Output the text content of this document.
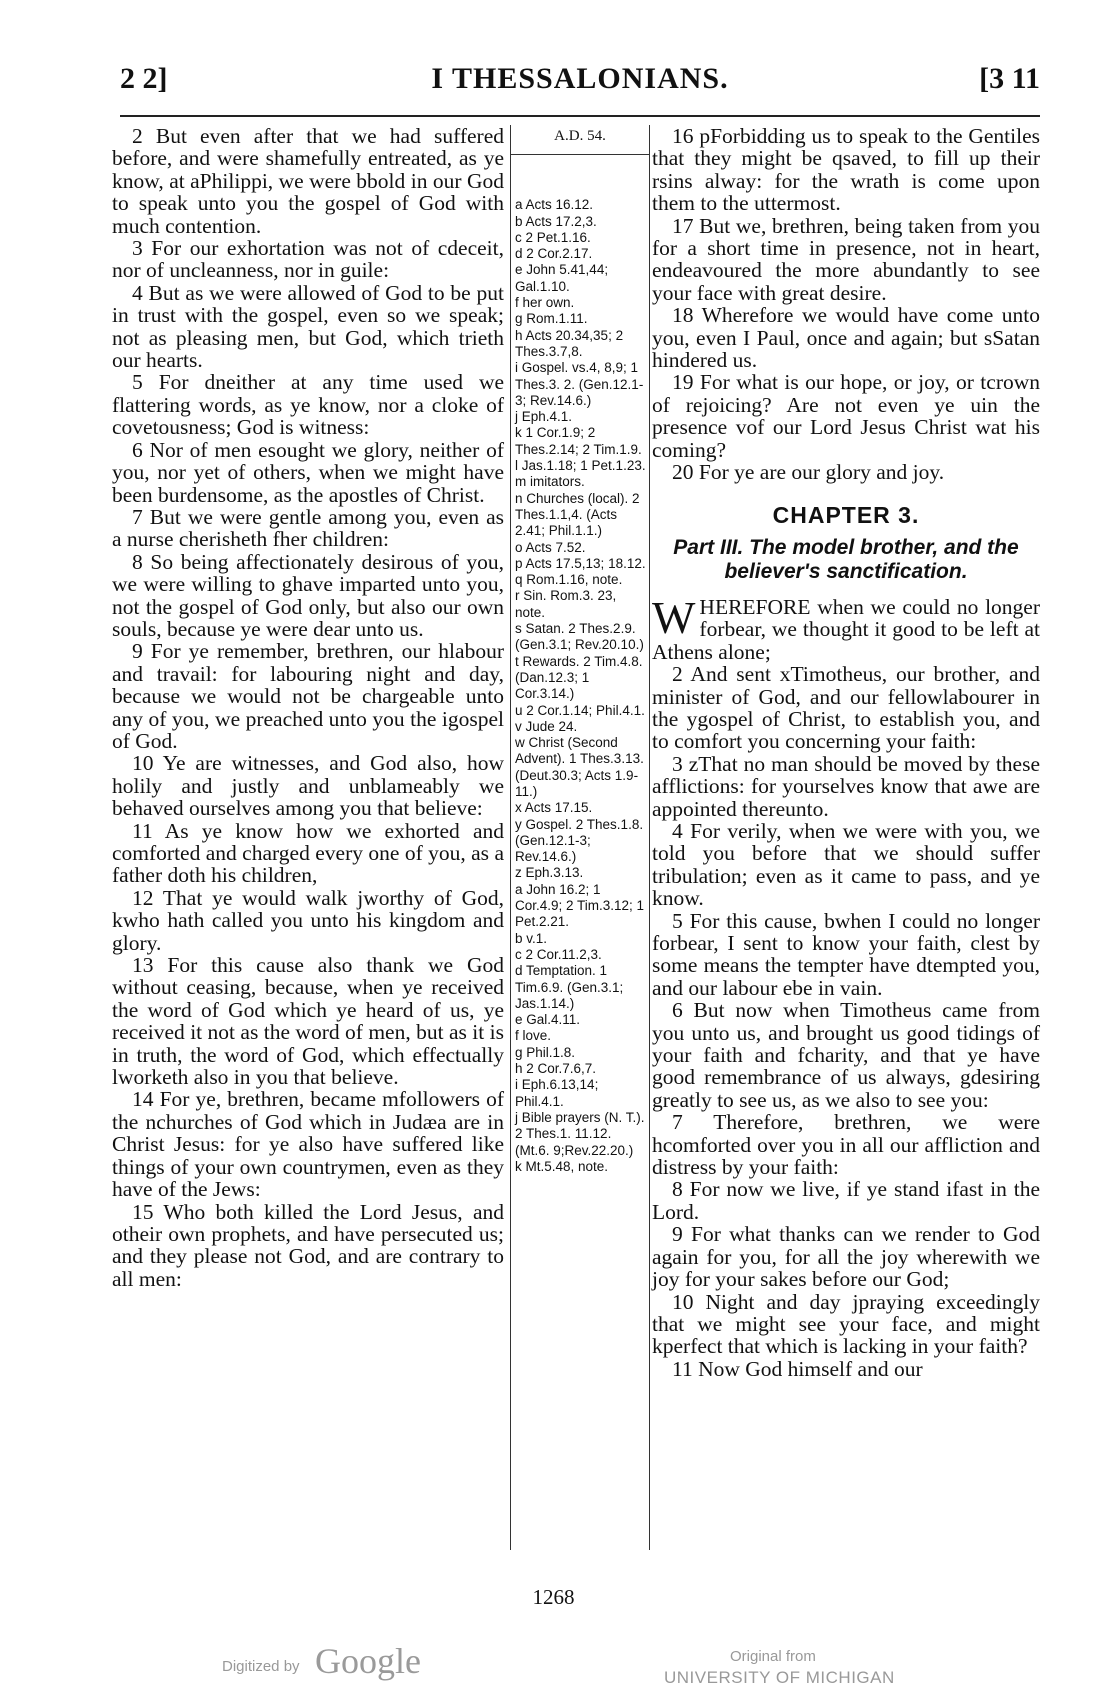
2 2]	I THESSALONIANS.	[3 11

2 But even after that we had suffered before, and were shamefully entreated, as ye know, at aPhilippi, we were bbold in our God to speak unto you the gospel of God with much contention.

3 For our exhortation was not of cdeceit, nor of uncleanness, nor in guile:

4 But as we were allowed of God to be put in trust with the gospel, even so we speak; not as pleasing men, but God, which trieth our hearts.

5 For dneither at any time used we flattering words, as ye know, nor a cloke of covetousness; God is witness:

6 Nor of men esought we glory, neither of you, nor yet of others, when we might have been burdensome, as the apostles of Christ.

7 But we were gentle among you, even as a nurse cherisheth fher children:

8 So being affectionately desirous of you, we were willing to ghave imparted unto you, not the gospel of God only, but also our own souls, because ye were dear unto us.

9 For ye remember, brethren, our hlabour and travail: for labouring night and day, because we would not be chargeable unto any of you, we preached unto you the igospel of God.

10 Ye are witnesses, and God also, how holily and justly and unblameably we behaved ourselves among you that believe:

11 As ye know how we exhorted and comforted and charged every one of you, as a father doth his children,

12 That ye would walk jworthy of God, kwho hath called you unto his kingdom and glory.

13 For this cause also thank we God without ceasing, because, when ye received the word of God which ye heard of us, ye received it not as the word of men, but as it is in truth, the word of God, which effectually lworketh also in you that believe.

14 For ye, brethren, became mfollowers of the nchurches of God which in Judæa are in Christ Jesus: for ye also have suffered like things of your own countrymen, even as they have of the Jews:

15 Who both killed the Lord Jesus, and otheir own prophets, and have persecuted us; and they please not God, and are contrary to all men:

A.D. 54.

a Acts 16.12.

b Acts 17.2,3.

c 2 Pet.1.16.

d 2 Cor.2.17.

e John 5.41,44; Gal.1.10.

f her own.

g Rom.1.11.

h Acts 20.34,35; 2 Thes.3.7,8.

i Gospel. vs.4, 8,9; 1 Thes.3. 2. (Gen.12.1-3; Rev.14.6.)

j Eph.4.1.

k 1 Cor.1.9; 2 Thes.2.14; 2 Tim.1.9.

l Jas.1.18; 1 Pet.1.23.

m imitators.

n Churches (local). 2 Thes.1.1,4. (Acts 2.41; Phil.1.1.)

o Acts 7.52.

p Acts 17.5,13; 18.12.

q Rom.1.16, note.

r Sin. Rom.3. 23, note.

s Satan. 2 Thes.2.9. (Gen.3.1; Rev.20.10.)

t Rewards. 2 Tim.4.8. (Dan.12.3; 1 Cor.3.14.)

u 2 Cor.1.14; Phil.4.1.

v Jude 24.

w Christ (Second Advent). 1 Thes.3.13. (Deut.30.3; Acts 1.9-11.)

x Acts 17.15.

y Gospel. 2 Thes.1.8. (Gen.12.1-3; Rev.14.6.)

z Eph.3.13.

a John 16.2; 1 Cor.4.9; 2 Tim.3.12; 1 Pet.2.21.

b v.1.

c 2 Cor.11.2,3.

d Temptation. 1 Tim.6.9. (Gen.3.1; Jas.1.14.)

e Gal.4.11.

f love.

g Phil.1.8.

h 2 Cor.7.6,7.

i Eph.6.13,14; Phil.4.1.

j Bible prayers (N. T.). 2 Thes.1. 11.12. (Mt.6. 9;Rev.22.20.)

k Mt.5.48, note.

16 pForbidding us to speak to the Gentiles that they might be qsaved, to fill up their rsins alway: for the wrath is come upon them to the uttermost.

17 But we, brethren, being taken from you for a short time in presence, not in heart, endeavoured the more abundantly to see your face with great desire.

18 Wherefore we would have come unto you, even I Paul, once and again; but sSatan hindered us.

19 For what is our hope, or joy, or tcrown of rejoicing? Are not even ye uin the presence vof our Lord Jesus Christ wat his coming?

20 For ye are our glory and joy.

CHAPTER 3.
Part III. The model brother, and the believer's sanctification.

W HEREFORE when we could no longer forbear, we thought it good to be left at Athens alone;

2 And sent xTimotheus, our brother, and minister of God, and our fellowlabourer in the ygospel of Christ, to establish you, and to comfort you concerning your faith:

3 zThat no man should be moved by these afflictions: for yourselves know that awe are appointed thereunto.

4 For verily, when we were with you, we told you before that we should suffer tribulation; even as it came to pass, and ye know.

5 For this cause, bwhen I could no longer forbear, I sent to know your faith, clest by some means the tempter have dtempted you, and our labour ebe in vain.

6 But now when Timotheus came from you unto us, and brought us good tidings of your faith and fcharity, and that ye have good remembrance of us always, gdesiring greatly to see us, as we also to see you:

7 Therefore, brethren, we were hcomforted over you in all our affliction and distress by your faith:

8 For now we live, if ye stand ifast in the Lord.

9 For what thanks can we render to God again for you, for all the joy wherewith we joy for your sakes before our God;

10 Night and day jpraying exceedingly that we might see your face, and might kperfect that which is lacking in your faith?

11 Now God himself and our

1268
Digitized by Google	Original from
UNIVERSITY OF MICHIGAN
